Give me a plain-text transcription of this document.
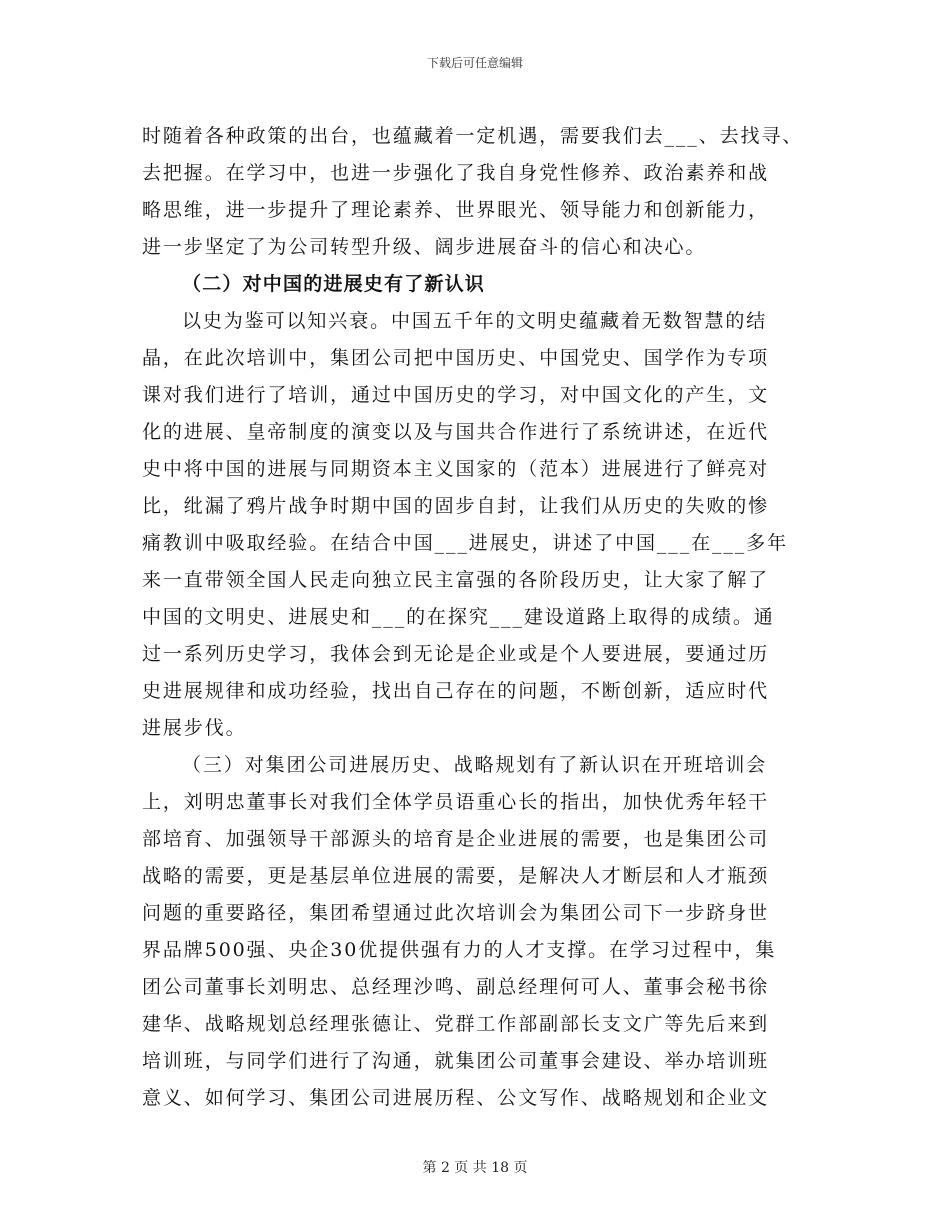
下载后可任意编辑
时随着各种政策的出台，也蕴藏着一定机遇，需要我们去___、去找寻、
去把握。在学习中，也进一步强化了我自身党性修养、政治素养和战
略思维，进一步提升了理论素养、世界眼光、领导能力和创新能力，
进一步坚定了为公司转型升级、阔步进展奋斗的信心和决心。
（二）对中国的进展史有了新认识
以史为鉴可以知兴衰。中国五千年的文明史蕴藏着无数智慧的结
晶，在此次培训中，集团公司把中国历史、中国党史、国学作为专项
课对我们进行了培训，通过中国历史的学习，对中国文化的产生，文
化的进展、皇帝制度的演变以及与国共合作进行了系统讲述，在近代
史中将中国的进展与同期资本主义国家的（范本）进展进行了鲜亮对
比，纰漏了鸦片战争时期中国的固步自封，让我们从历史的失败的惨
痛教训中吸取经验。在结合中国___进展史，讲述了中国___在___多年
来一直带领全国人民走向独立民主富强的各阶段历史，让大家了解了
中国的文明史、进展史和___的在探究___建设道路上取得的成绩。通
过一系列历史学习，我体会到无论是企业或是个人要进展，要通过历
史进展规律和成功经验，找出自己存在的问题，不断创新，适应时代
进展步伐。
（三）对集团公司进展历史、战略规划有了新认识在开班培训会
上，刘明忠董事长对我们全体学员语重心长的指出，加快优秀年轻干
部培育、加强领导干部源头的培育是企业进展的需要，也是集团公司
战略的需要，更是基层单位进展的需要，是解决人才断层和人才瓶颈
问题的重要路径，集团希望通过此次培训会为集团公司下一步跻身世
界品牌500强、央企30优提供强有力的人才支撑。在学习过程中，集
团公司董事长刘明忠、总经理沙鸣、副总经理何可人、董事会秘书徐
建华、战略规划总经理张德让、党群工作部副部长支文广等先后来到
培训班，与同学们进行了沟通，就集团公司董事会建设、举办培训班
意义、如何学习、集团公司进展历程、公文写作、战略规划和企业文
第 2 页 共 18 页
